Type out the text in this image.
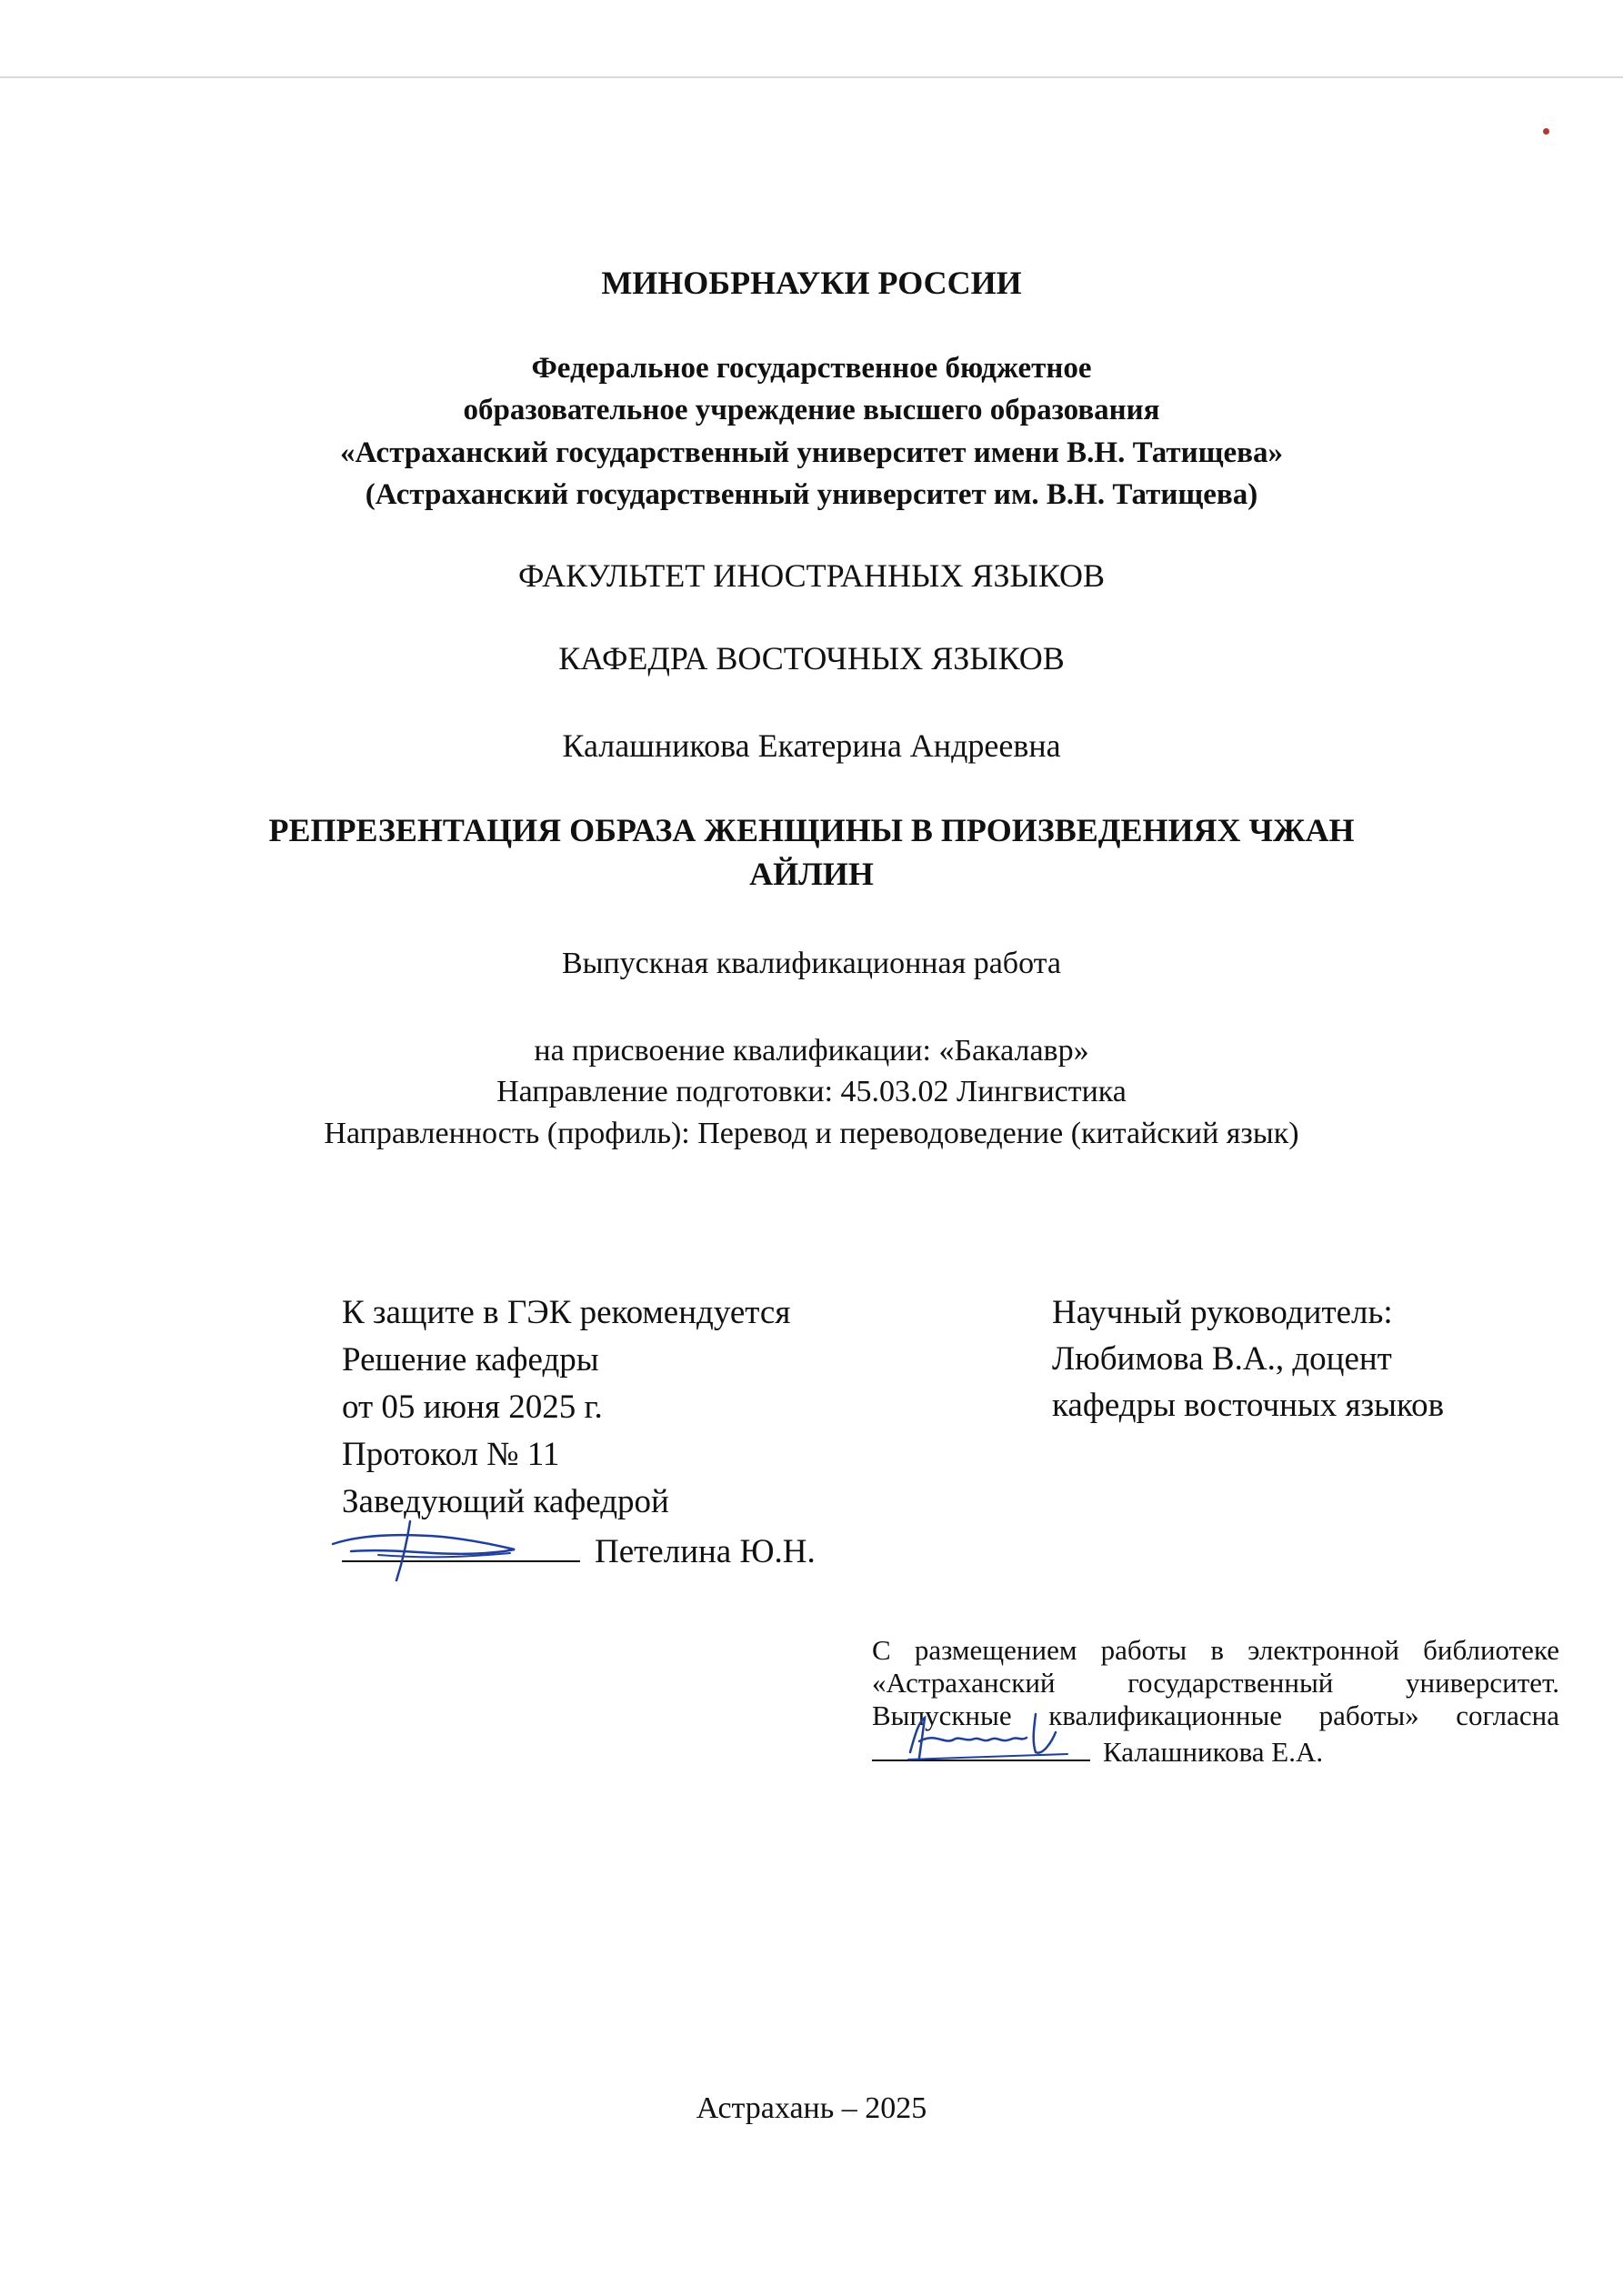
МИНОБРНАУКИ РОССИИ
Федеральное государственное бюджетное
образовательное учреждение высшего образования
«Астраханский государственный университет имени В.Н. Татищева»
(Астраханский государственный университет им. В.Н. Татищева)
ФАКУЛЬТЕТ ИНОСТРАННЫХ ЯЗЫКОВ
КАФЕДРА ВОСТОЧНЫХ ЯЗЫКОВ
Калашникова Екатерина Андреевна
РЕПРЕЗЕНТАЦИЯ ОБРАЗА ЖЕНЩИНЫ В ПРОИЗВЕДЕНИЯХ ЧЖАН
АЙЛИН
Выпускная квалификационная работа
на присвоение квалификации: «Бакалавр»
Направление подготовки: 45.03.02 Лингвистика
Направленность (профиль): Перевод и переводоведение (китайский язык)
К защите в ГЭК рекомендуется
Решение кафедры
от 05 июня 2025 г.
Протокол № 11
Заведующий кафедрой
Петелина Ю.Н.
Научный руководитель:
Любимова В.А., доцент
кафедры восточных языков
С размещением работы в электронной библиотеке
«Астраханский государственный университет.
Выпускные квалификационные работы» согласна
Калашникова Е.А.
Астрахань – 2025
